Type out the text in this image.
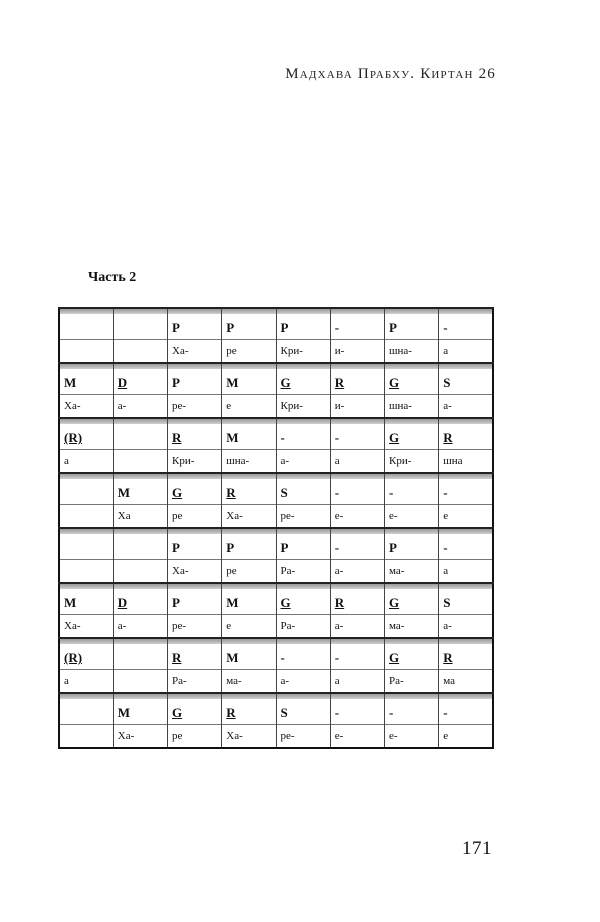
Мадхава Прабху. Киртан 26
Часть 2
		P	P	P	-	P	-
		Ха-	ре	Кри-	и-	шна-	а
M	D	P	M	G	R	G	S
Ха-	а-	ре-	е	Кри-	и-	шна-	а-
(R)		R	M	-	-	G	R
а		Кри-	шна-	а-	а	Кри-	шна
	M	G	R	S	-	-	-
	Ха	ре	Ха-	ре-	е-	е-	е
		P	P	P	-	P	-
		Ха-	ре	Ра-	а-	ма-	а
M	D	P	M	G	R	G	S
Ха-	а-	ре-	е	Ра-	а-	ма-	а-
(R)		R	M	-	-	G	R
а		Ра-	ма-	а-	а	Ра-	ма
	M	G	R	S	-	-	-
	Ха-	ре	Ха-	ре-	е-	е-	е
171
